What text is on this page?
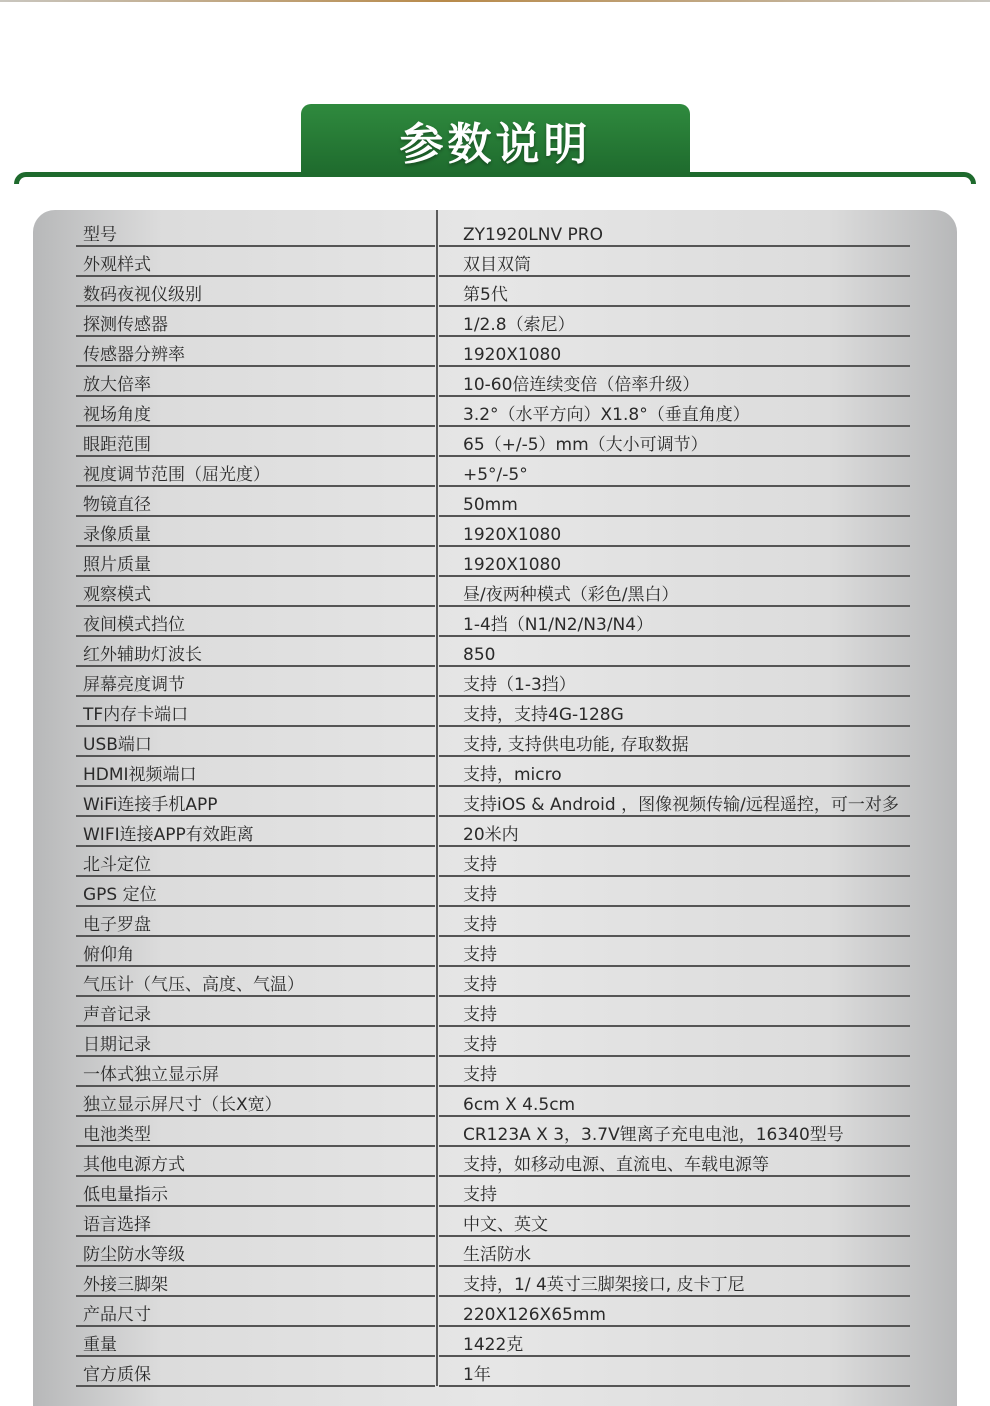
参数说明
型号	ZY1920LNV PRO
外观样式	双目双筒
数码夜视仪级别	第5代
探测传感器	1/2.8（索尼）
传感器分辨率	1920X1080
放大倍率	10-60倍连续变倍（倍率升级）
视场角度	3.2°（水平方向）X1.8°（垂直角度）
眼距范围	65（+/-5）mm（大小可调节）
视度调节范围（屈光度）	+5°/-5°
物镜直径	50mm
录像质量	1920X1080
照片质量	1920X1080
观察模式	昼/夜两种模式（彩色/黑白）
夜间模式挡位	1-4挡（N1/N2/N3/N4）
红外辅助灯波长	850
屏幕亮度调节	支持（1-3挡）
TF内存卡端口	支持，支持4G-128G
USB端口	支持, 支持供电功能, 存取数据
HDMI视频端口	支持，micro
WiFi连接手机APP	支持iOS & Android ，图像视频传输/远程遥控，可一对多
WIFI连接APP有效距离	20米内
北斗定位	支持
GPS 定位	支持
电子罗盘	支持
俯仰角	支持
气压计（气压、高度、气温）	支持
声音记录	支持
日期记录	支持
一体式独立显示屏	支持
独立显示屏尺寸（长X宽）	6cm X 4.5cm
电池类型	CR123A X 3，3.7V锂离子充电电池，16340型号
其他电源方式	支持，如移动电源、直流电、车载电源等
低电量指示	支持
语言选择	中文、英文
防尘防水等级	生活防水
外接三脚架	支持，1/ 4英寸三脚架接口, 皮卡丁尼
产品尺寸	220X126X65mm
重量	1422克
官方质保	1年
